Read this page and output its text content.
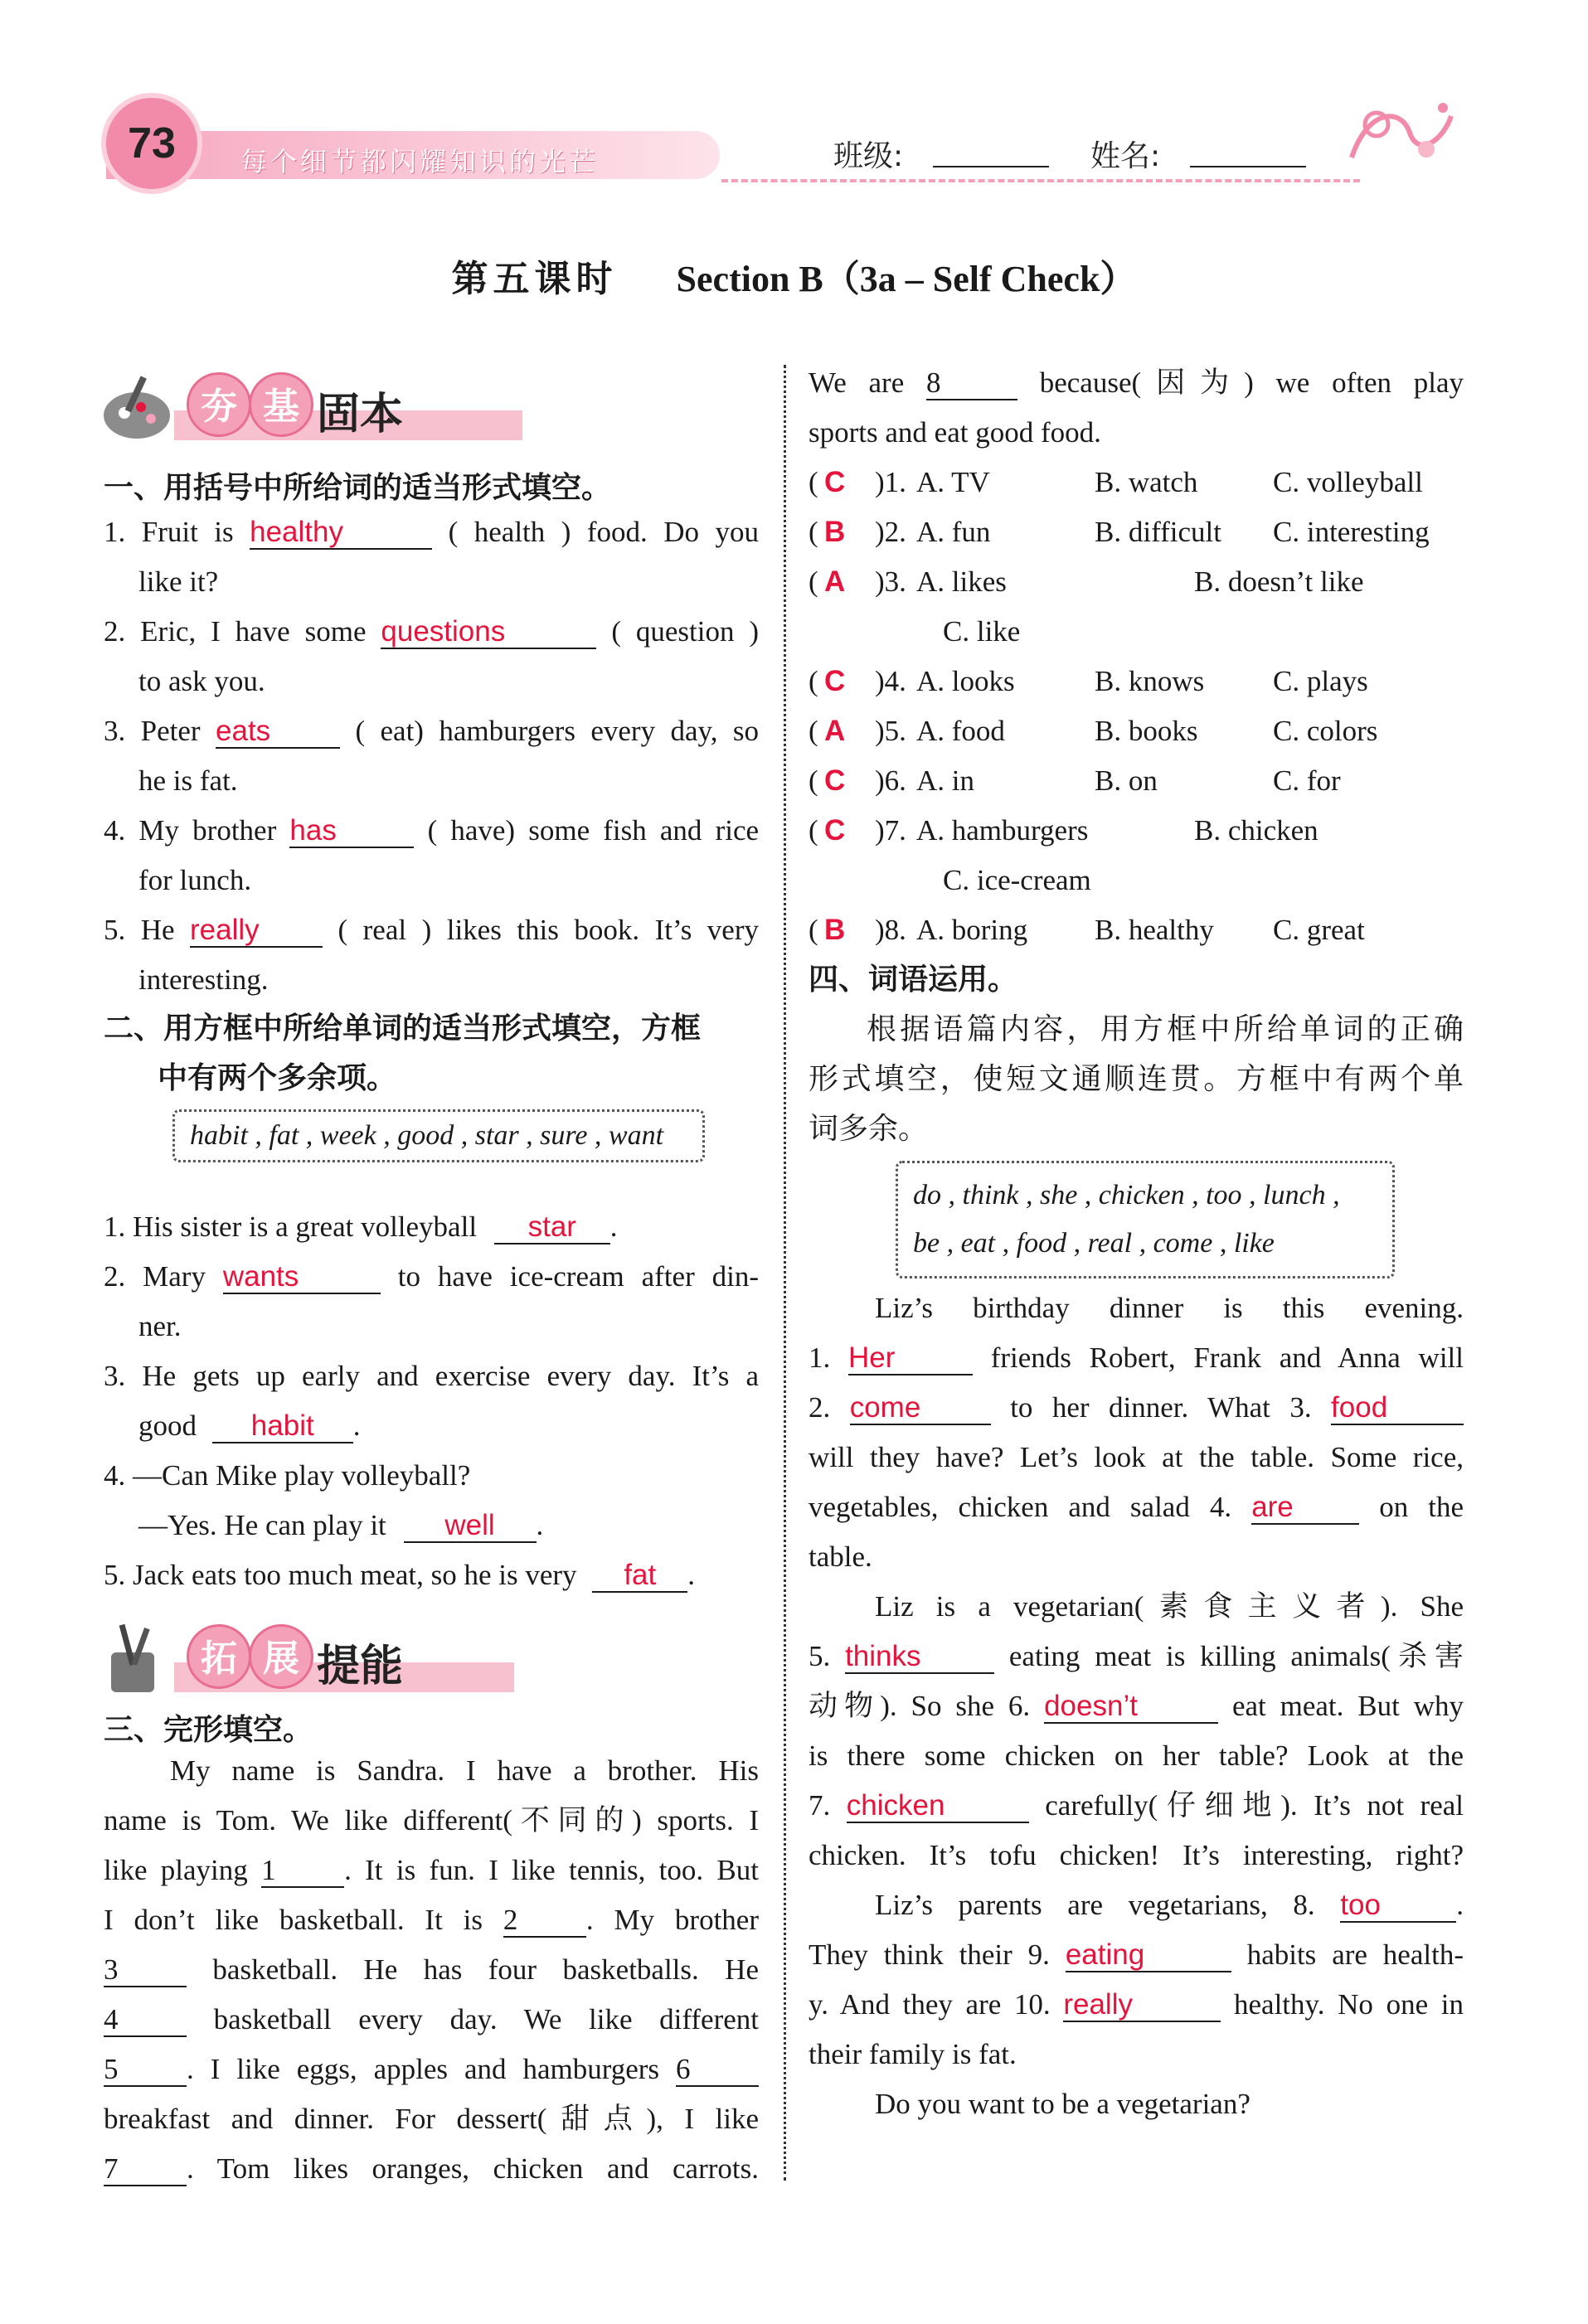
73	每个细节都闪耀知识的光芒	班级:	姓名:
第五课时 Section B（3a – Self Check）
夯 基 固本
一、用括号中所给词的适当形式填空。
1. Fruit is healthy	( health ) food. Do you
like it?
2. Eric, I have some questions	( question )
to ask you.
3. Peter eats	( eat) hamburgers every day, so
he is fat.
4. My brother has	( have) some fish and rice
for lunch.
5. He really	( real ) likes this book. It’s very
interesting.
二、用方框中所给单词的适当形式填空，方框
中有两个多余项。
habit , fat , week , good , star , sure , want
1. His sister is a great volleyball star .
2. Mary wants	to have ice-cream after din-
ner.
3. He gets up early and exercise every day. It’s a
good habit .
4. —Can Mike play volleyball?
—Yes. He can play it well .
5. Jack eats too much meat, so he is very fat .
拓 展 提能
三、完形填空。
My name is Sandra. I have a brother. His
name is Tom. We like different(不同的) sports. I
like playing 1 . It is fun. I like tennis, too. But
I don’t like basketball. It is 2 . My brother
3	basketball. He has four basketballs. He
4	basketball every day. We like different
5 . I like eggs, apples and hamburgers 6
breakfast and dinner. For dessert(甜点), I like
7 . Tom likes oranges, chicken and carrots.
We are 8	because(因为) we often play
sports and eat good food.
( C )1. A. TV	B. watch	C. volleyball
( B )2. A. fun	B. difficult C. interesting
( A )3. A. likes	B. doesn’t like
C. like
( C )4. A. looks	B. knows C. plays
( A )5. A. food	B. books	C. colors
( C )6. A. in	B. on	C. for
( C )7. A. hamburgers	B. chicken
C. ice-cream
( B )8. A. boring B. healthy C. great
四、词语运用。
根据语篇内容，用方框中所给单词的正确
形式填空，使短文通顺连贯。方框中有两个单
词多余。
do , think , she , chicken , too , lunch ,
be , eat , food , real , come , like
Liz’s birthday dinner is this evening.
1. Her	friends Robert, Frank and Anna will
2. come	to her dinner. What 3. food
will they have? Let’s look at the table. Some rice,
vegetables, chicken and salad 4. are	on the
table.
Liz is a vegetarian(素食主义者). She
5. thinks	eating meat is killing animals(杀害
动物). So she 6. doesn’t	eat meat. But why
is there some chicken on her table? Look at the
7. chicken	carefully(仔细地). It’s not real
chicken. It’s tofu chicken! It’s interesting, right?
Liz’s parents are vegetarians, 8. too	.
They think their 9. eating	habits are health-
y. And they are 10. really	healthy. No one in
their family is fat.
Do you want to be a vegetarian?
